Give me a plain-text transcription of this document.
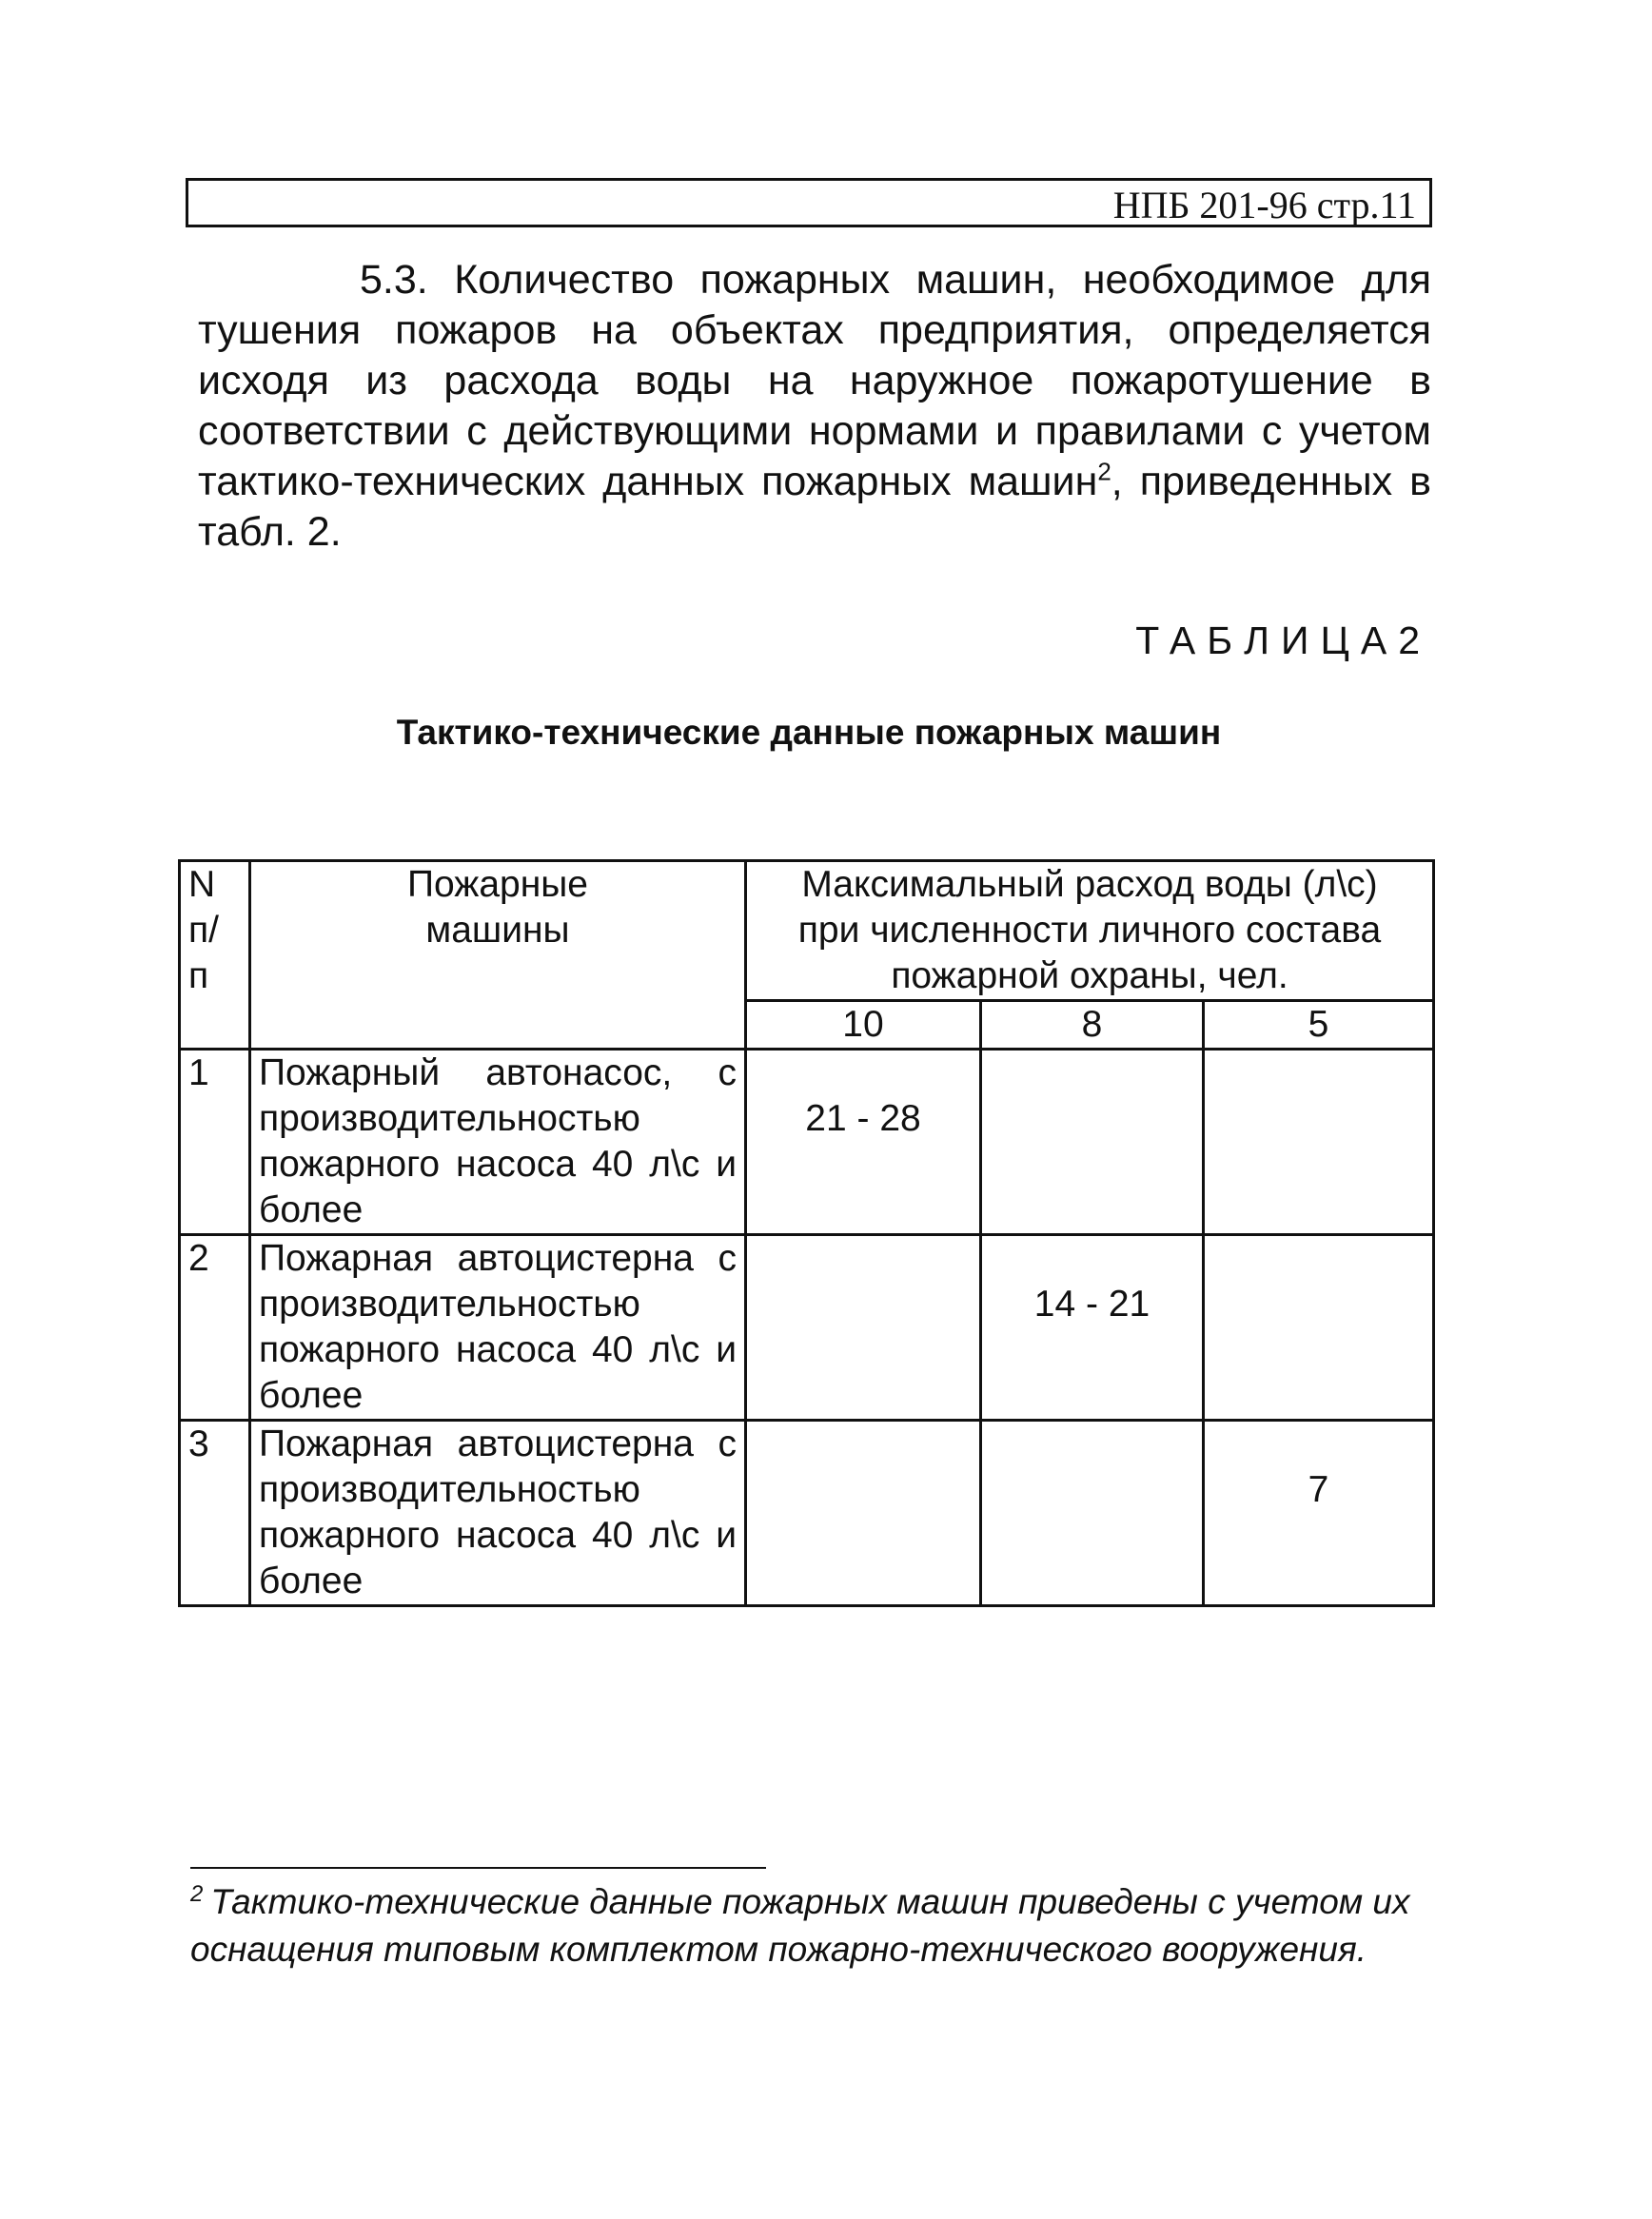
НПБ 201-96 стр.11

5.3. Количество пожарных машин, необходимое для тушения пожаров на объектах предприятия, определяется исходя из расхода воды на наружное пожаротушение в соответствии с действующими нормами и правилами с учетом тактико-технических данных пожарных машин$^2$, приведенных в табл. 2.

ТАБЛИЦА2
Тактико-технические данные пожарных машин
N п/ п	Пожарные машины	Максимальный расход воды (л\с) при численности личного состава пожарной охраны, чел.		
		10	8	5
1	Пожарный автонасос, с производительностью пожарного насоса 40 л\с и более	21 - 28		
2	Пожарная автоцистерна с производительностью пожарного насоса 40 л\с и более		14 - 21	
3	Пожарная автоцистерна с производительностью пожарного насоса 40 л\с и более			7
$^2$ Тактико-технические данные пожарных машин приведены с учетом их оснащения типовым комплектом пожарно-технического вооружения.
